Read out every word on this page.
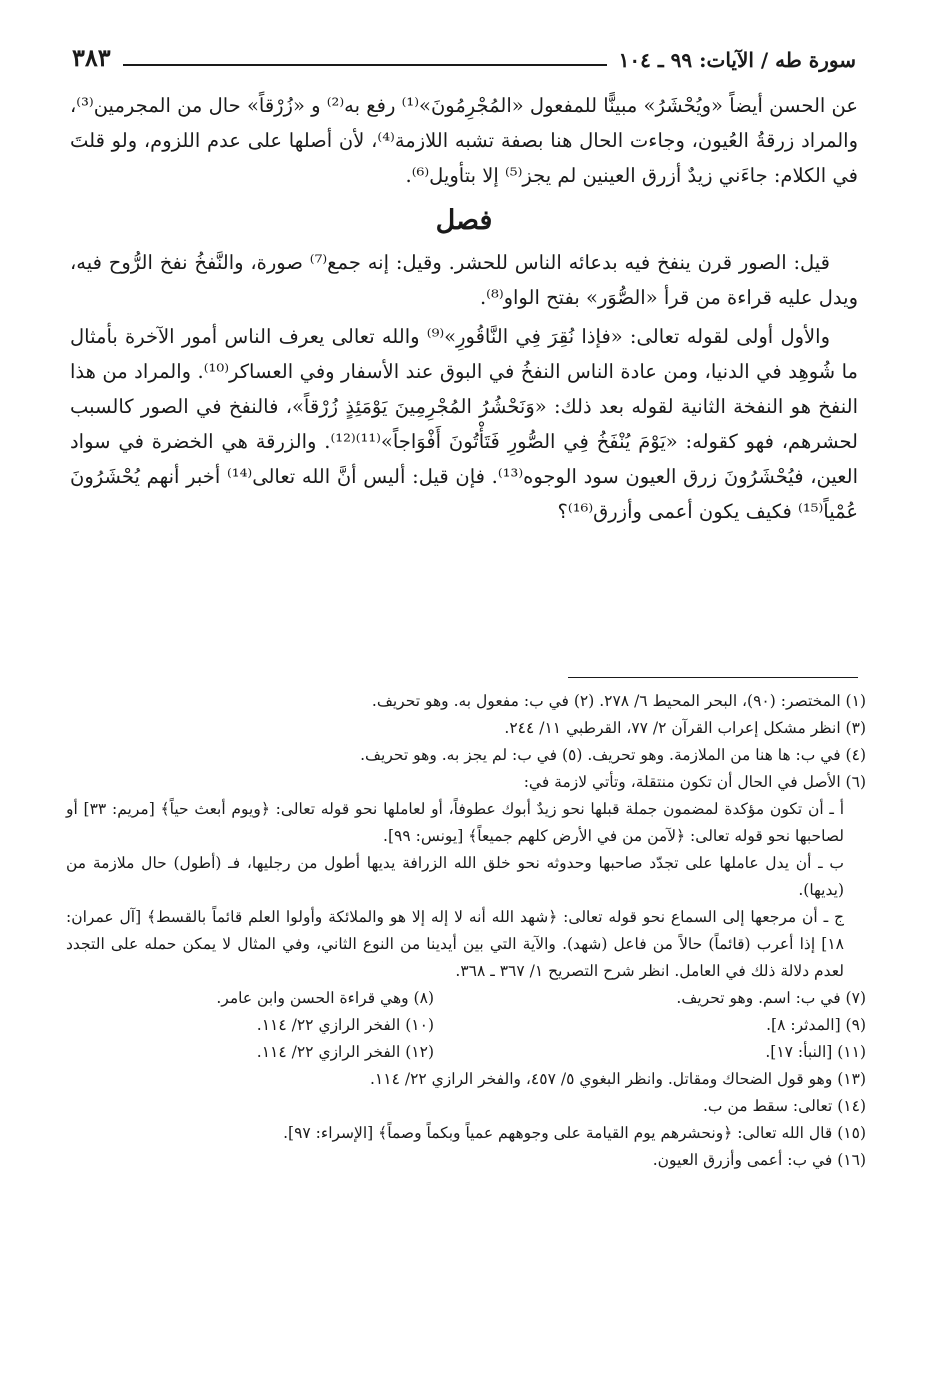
سورة طه / الآيات: ٩٩ ـ ١٠٤
٣٨٣

عن الحسن أيضاً «ويُحْشَرُ» مبينًّا للمفعول «المُجْرِمُونَ»⁽¹⁾ رفع به⁽²⁾ و «زُرْقاً» حال من المجرمين⁽³⁾، والمراد زرقةُ العُيون، وجاءت الحال هنا بصفة تشبه اللازمة⁽⁴⁾، لأن أصلها على عدم اللزوم، ولو قلتَ في الكلام: جاءَني زيدٌ أزرق العينين لم يجز⁽⁵⁾ إلا بتأويل⁽⁶⁾.

فصل

قيل: الصور قرن ينفخ فيه بدعائه الناس للحشر. وقيل: إنه جمع⁽⁷⁾ صورة، والنَّفخُ نفخ الرُّوح فيه، ويدل عليه قراءة من قرأ «الصُّوَر» بفتح الواو⁽⁸⁾.

والأول أولى لقوله تعالى: «فإذا نُقِرَ فِي النَّاقُورِ»⁽⁹⁾ والله تعالى يعرف الناس أمور الآخرة بأمثال ما شُوهِد في الدنيا، ومن عادة الناس النفخُ في البوق عند الأسفار وفي العساكر⁽¹⁰⁾. والمراد من هذا النفخ هو النفخة الثانية لقوله بعد ذلك: «وَنَحْشُرُ المُجْرِمِينَ يَوْمَئِذٍ زُرْقاً»، فالنفخ في الصور كالسبب لحشرهم، فهو كقوله: «يَوْمَ يُنْفَخُ فِي الصُّورِ فَتَأْتُونَ أَفْوَاجاً»⁽¹¹⁾⁽¹²⁾. والزرقة هي الخضرة في سواد العين، فيُحْشَرُونَ زرق العيون سود الوجوه⁽¹³⁾. فإن قيل: أليس أنَّ الله تعالى⁽¹⁴⁾ أخبر أنهم يُحْشَرُونَ عُمْياً⁽¹⁵⁾ فكيف يكون أعمى وأزرق⁽¹⁶⁾؟

(١) المختصر: (٩٠)، البحر المحيط ٦/ ٢٧٨. (٢) في ب: مفعول به. وهو تحريف.

(٣) انظر مشكل إعراب القرآن ٢/ ٧٧، القرطبي ١١/ ٢٤٤.

(٤) في ب: ها هنا من الملازمة. وهو تحريف. (٥) في ب: لم يجز به. وهو تحريف.

(٦) الأصل في الحال أن تكون منتقلة، وتأتي لازمة في:

أ ـ أن تكون مؤكدة لمضمون جملة قبلها نحو زيدٌ أبوك عطوفاً، أو لعاملها نحو قوله تعالى: ﴿ويوم أبعث حياً﴾ [مريم: ٣٣] أو لصاحبها نحو قوله تعالى: ﴿لآمن من في الأرض كلهم جميعاً﴾ [يونس: ٩٩].

ب ـ أن يدل عاملها على تجدّد صاحبها وحدوثه نحو خلق الله الزرافة يديها أطول من رجليها، فـ (أطول) حال ملازمة من (يديها).

ج ـ أن مرجعها إلى السماع نحو قوله تعالى: ﴿شهد الله أنه لا إله إلا هو والملائكة وأولوا العلم قائماً بالقسط﴾ [آل عمران: ١٨] إذا أعرب (قائماً) حالاً من فاعل (شهد). والآية التي بين أيدينا من النوع الثاني، وفي المثال لا يمكن حمله على التجدد لعدم دلالة ذلك في العامل. انظر شرح التصريح ١/ ٣٦٧ ـ ٣٦٨.

(٧) في ب: اسم. وهو تحريف.
(٨) وهي قراءة الحسن وابن عامر.
(٩) [المدثر: ٨].
(١٠) الفخر الرازي ٢٢/ ١١٤.
(١١) [النبأ: ١٧].
(١٢) الفخر الرازي ٢٢/ ١١٤.

(١٣) وهو قول الضحاك ومقاتل. وانظر البغوي ٥/ ٤٥٧، والفخر الرازي ٢٢/ ١١٤.

(١٤) تعالى: سقط من ب.

(١٥) قال الله تعالى: ﴿ونحشرهم يوم القيامة على وجوههم عمياً وبكماً وصماً﴾ [الإسراء: ٩٧].

(١٦) في ب: أعمى وأزرق العيون.
